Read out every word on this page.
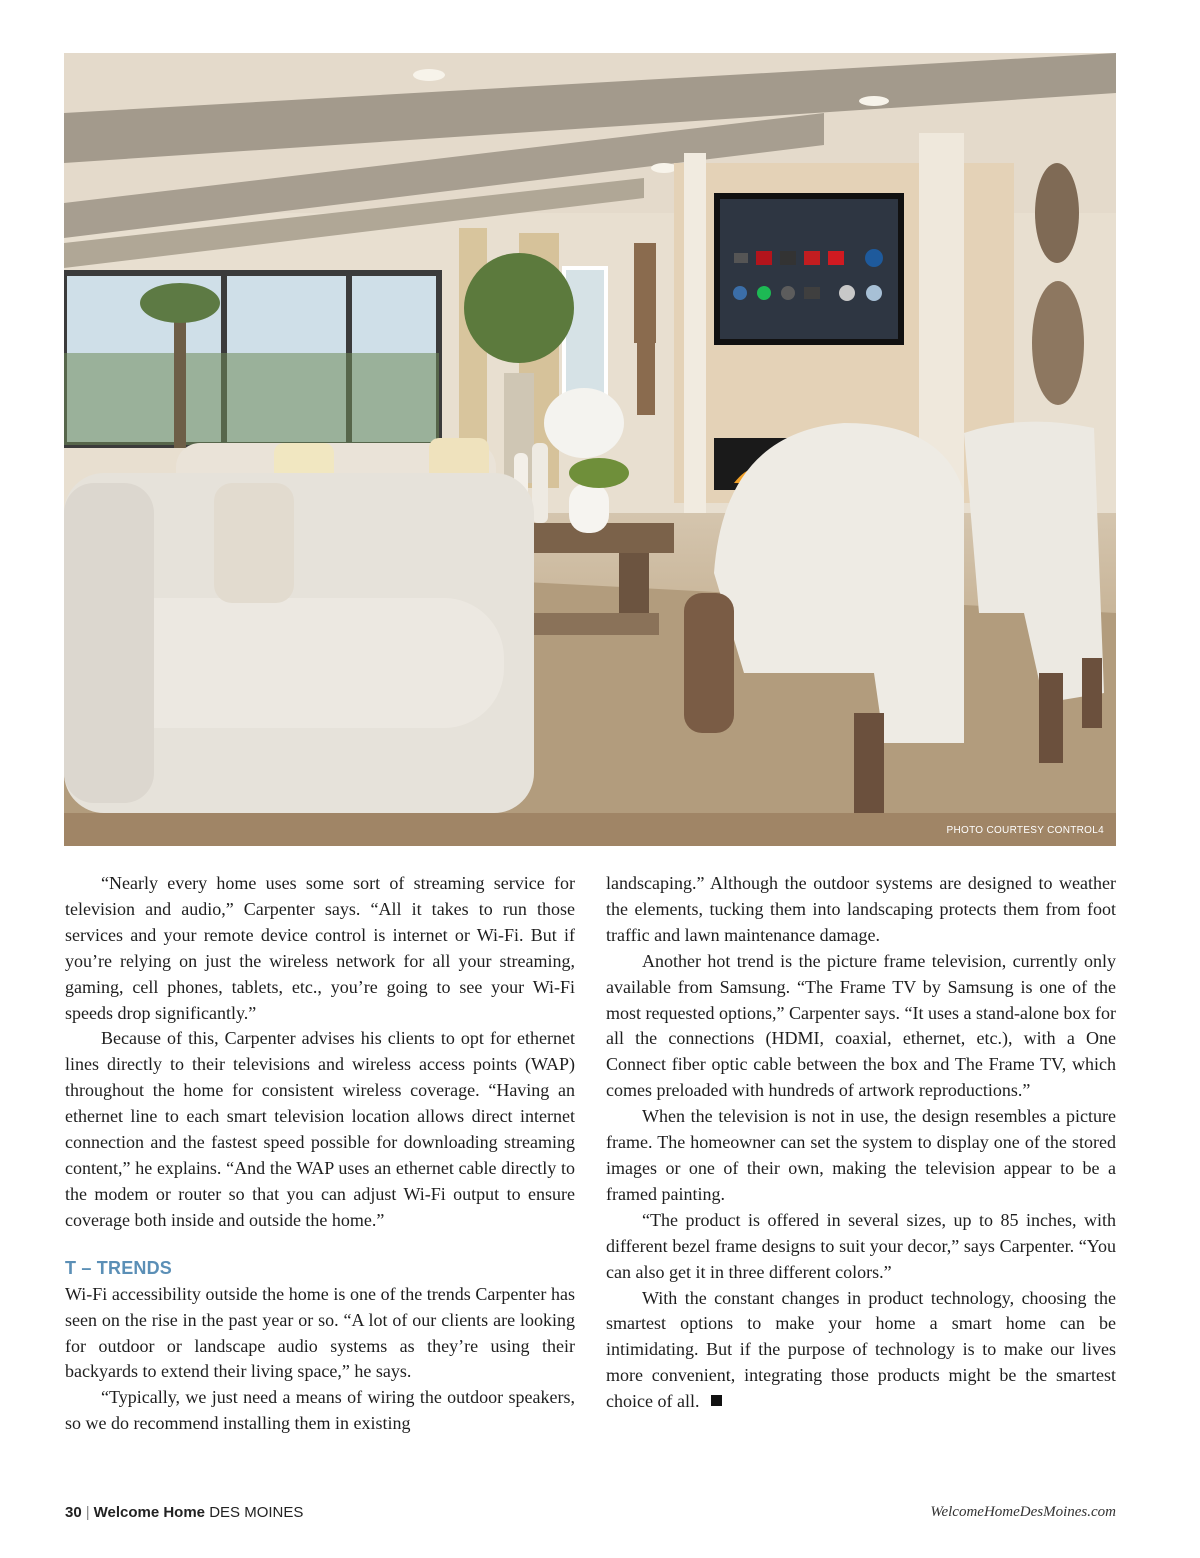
PHOTO COURTESY CONTROL4

“Nearly every home uses some sort of streaming service for television and audio,” Carpenter says. “All it takes to run those services and your remote device control is internet or Wi-Fi. But if you’re relying on just the wireless network for all your streaming, gaming, cell phones, tablets, etc., you’re going to see your Wi-Fi speeds drop significantly.”

Because of this, Carpenter advises his clients to opt for ethernet lines directly to their televisions and wireless access points (WAP) throughout the home for consistent wireless coverage. “Having an ethernet line to each smart television location allows direct internet connection and the fastest speed possible for downloading streaming content,” he explains. “And the WAP uses an ethernet cable directly to the modem or router so that you can adjust Wi-Fi output to ensure coverage both inside and outside the home.”

T – TRENDS

Wi-Fi accessibility outside the home is one of the trends Carpenter has seen on the rise in the past year or so. “A lot of our clients are looking for outdoor or landscape audio systems as they’re using their backyards to extend their living space,” he says.

“Typically, we just need a means of wiring the outdoor speakers, so we do recommend installing them in existing

landscaping.” Although the outdoor systems are designed to weather the elements, tucking them into landscaping protects them from foot traffic and lawn maintenance damage.

Another hot trend is the picture frame television, currently only available from Samsung. “The Frame TV by Samsung is one of the most requested options,” Carpenter says. “It uses a stand-alone box for all the connections (HDMI, coaxial, ethernet, etc.), with a One Connect fiber optic cable between the box and The Frame TV, which comes preloaded with hundreds of artwork reproductions.”

When the television is not in use, the design resembles a picture frame. The homeowner can set the system to display one of the stored images or one of their own, making the television appear to be a framed painting.

“The product is offered in several sizes, up to 85 inches, with different bezel frame designs to suit your decor,” says Carpenter. “You can also get it in three different colors.”

With the constant changes in product technology, choosing the smartest options to make your home a smart home can be intimidating. But if the purpose of technology is to make our lives more convenient, integrating those products might be the smartest choice of all.

30 | Welcome Home DES MOINES	WelcomeHomeDesMoines.com
